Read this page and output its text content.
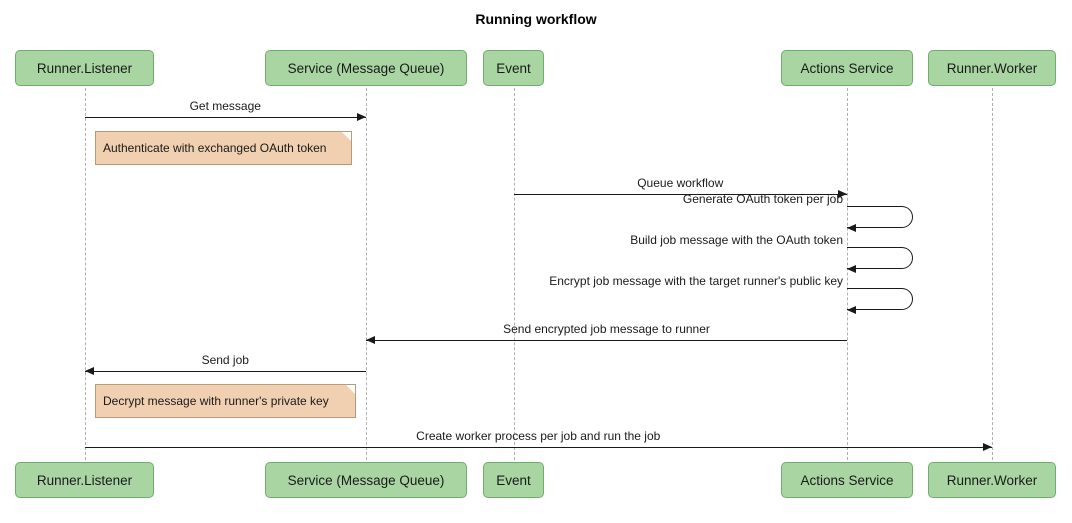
Running workflow
Runner.Listener	Service (Message Queue)	Event	Actions Service	Runner.Worker
Runner.Listener	Service (Message Queue)	Event	Actions Service	Runner.Worker
Get message
Queue workflow
Generate OAuth token per job
Build job message with the OAuth token
Encrypt job message with the target runner's public key
Send encrypted job message to runner
Send job
Create worker process per job and run the job
Authenticate with exchanged OAuth token
Decrypt message with runner's private key
